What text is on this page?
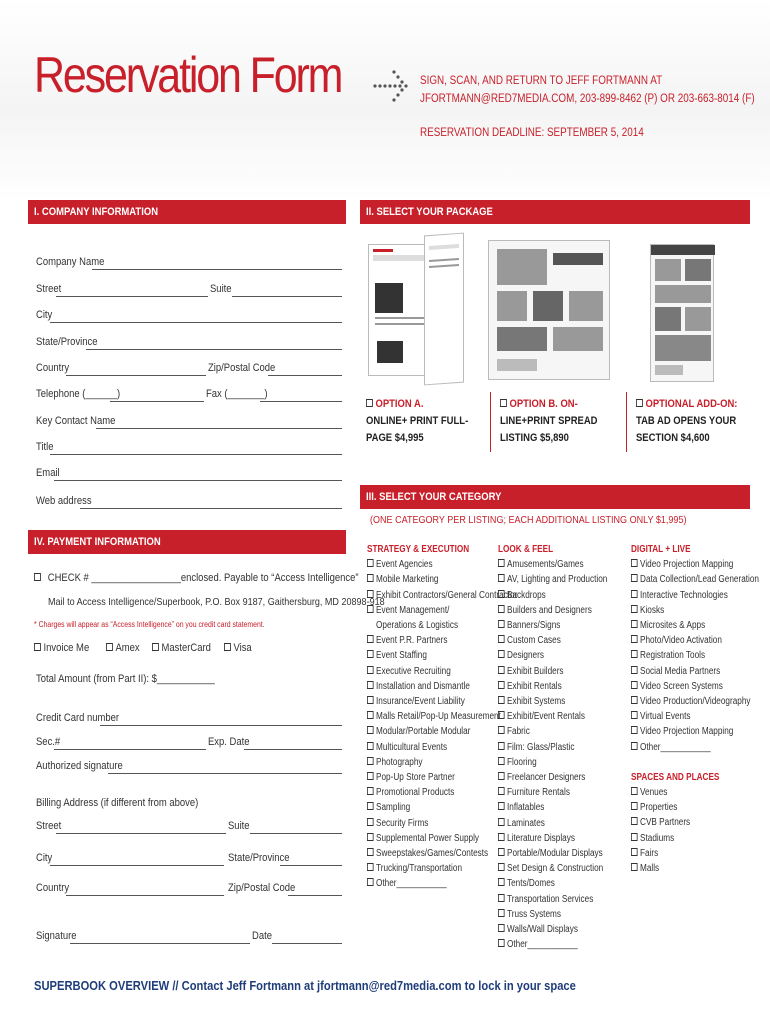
Reservation Form	SIGN, SCAN, AND RETURN TO JEFF FORTMANN AT
JFORTMANN@RED7MEDIA.COM, 203-899-8462 (P) OR 203-663-8014 (F)
RESERVATION DEADLINE: SEPTEMBER 5, 2014
I. COMPANY INFORMATION
Company Name
Street	Suite
City
State/Province
Country	Zip/Postal Code
Telephone (______)	Fax (_______)
Key Contact Name
Title
Email
Web address
II. SELECT YOUR PACKAGE
OPTION A.
ONLINE+ PRINT FULL-
PAGE $4,995
OPTION B. ON-
LINE+PRINT SPREAD
LISTING $5,890
OPTIONAL ADD-ON:
TAB AD OPENS YOUR
SECTION $4,600
III. SELECT YOUR CATEGORY
(ONE CATEGORY PER LISTING; EACH ADDITIONAL LISTING ONLY $1,995)
STRATEGY & EXECUTION
Event Agencies
Mobile Marketing
Exhibit Contractors/General Contractor
Event Management/
Operations & Logistics
Event P.R. Partners
Event Staffing
Executive Recruiting
Installation and Dismantle
Insurance/Event Liability
Malls Retail/Pop-Up Measurement
Modular/Portable Modular
Multicultural Events
Photography
Pop-Up Store Partner
Promotional Products
Sampling
Security Firms
Supplemental Power Supply
Sweepstakes/Games/Contests
Trucking/Transportation
Other___________
LOOK & FEEL
Amusements/Games
AV, Lighting and Production
Backdrops
Builders and Designers
Banners/Signs
Custom Cases
Designers
Exhibit Builders
Exhibit Rentals
Exhibit Systems
Exhibit/Event Rentals
Fabric
Film: Glass/Plastic
Flooring
Freelancer Designers
Furniture Rentals
Inflatables
Laminates
Literature Displays
Portable/Modular Displays
Set Design & Construction
Tents/Domes
Transportation Services
Truss Systems
Walls/Wall Displays
Other___________
DIGITAL + LIVE
Video Projection Mapping
Data Collection/Lead Generation
Interactive Technologies
Kiosks
Microsites & Apps
Photo/Video Activation
Registration Tools
Social Media Partners
Video Screen Systems
Video Production/Videography
Virtual Events
Video Projection Mapping
Other___________
SPACES AND PLACES
Venues
Properties
CVB Partners
Stadiums
Fairs
Malls
IV. PAYMENT INFORMATION
CHECK # _________________enclosed. Payable to “Access Intelligence”
Mail to Access Intelligence/Superbook, P.O. Box 9187, Gaithersburg, MD 20898-918
* Charges will appear as “Access Intelligence” on you credit card statement.
Invoice Me	Amex	MasterCard	Visa
Total Amount (from Part II): $___________
Credit Card number
Sec.#	Exp. Date
Authorized signature
Billing Address (if different from above)
Street	Suite
City	State/Province
Country	Zip/Postal Code
Signature	Date
SUPERBOOK OVERVIEW // Contact Jeff Fortmann at jfortmann@red7media.com to lock in your space
